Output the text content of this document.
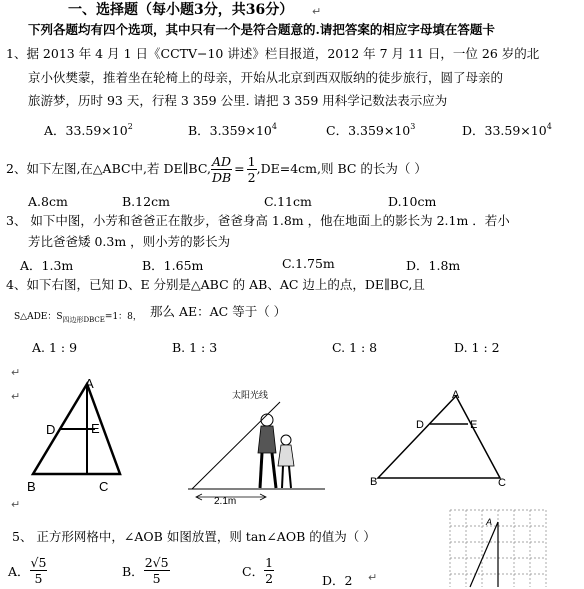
一、选择题（每小题3分，共36分）
下列各题均有四个选项，其中只有一个是符合题意的.请把答案的相应字母填在答题卡
1、据 2013 年 4 月 1 日《CCTV−10 讲述》栏目报道，2012 年 7 月 11 日，一位 26 岁的北
京小伙樊蒙，推着坐在轮椅上的母亲，开始从北京到西双版纳的徒步旅行，圆了母亲的
旅游梦，历时 93 天，行程 3 359 公里. 请把 3 359 用科学记数法表示应为
A．$33.59\times 10^2$	B．$3.359\times 10^4$	C．$3.359\times 10^3$	D．$33.59\times 10^4$
2、如下左图,在△ABC中,若 DE∥BC, $\frac{AD}{DB} = \frac{1}{2} ,DE=4cm$,则 BC 的长为（ ）
A.8cm	B.12cm	C.11cm	D.10cm
3、 如下中图，小芳和爸爸正在散步，爸爸身高 1.8m ，他在地面上的影长为 2.1m ．若小
芳比爸爸矮 0.3m ，则小芳的影长为
A．1.3m	B．1.65m	C.1.75m	D．1.8m
4、如下右图，已知 D、E 分别是△ABC 的 AB、AC 边上的点，DE∥BC,且
S△ADE：$S_{四边形DBCE}=1$：8， 那么 AE：AC 等于（ ）
A. 1 : 9	B. 1 : 3	C. 1 : 8	D. 1 : 2
↵
↵
↵
↵
A
D	E
B	C
太阳光线
2.1m
A
D	E
B	C
5、 正方形网格中，∠AOB 如图放置，则 tan∠AOB 的值为（ ）
A． $\frac{√5}{5}$	B． $\frac{2√5}{5}$	C． $\frac{1}{2}$	D．2 ↵
A
